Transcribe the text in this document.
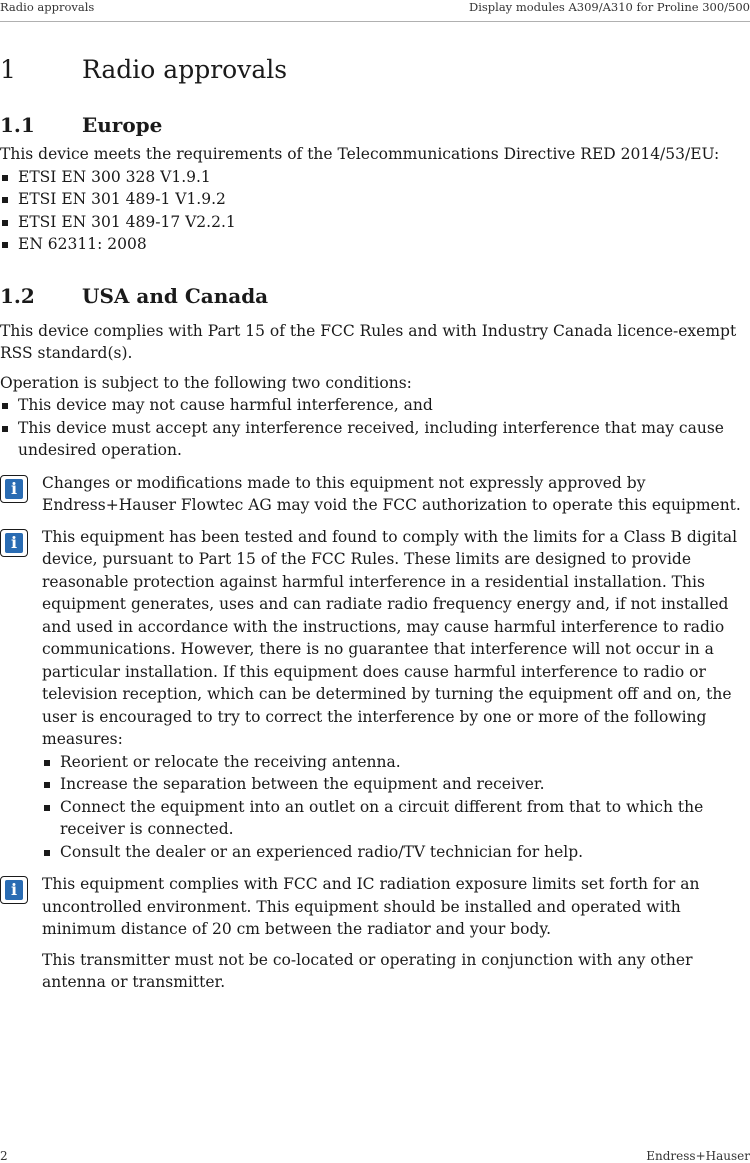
Radio approvals	Display modules A309/A310 for Proline 300/500
1	Radio approvals
1.1 Europe

This device meets the requirements of the Telecommunications Directive RED 2014/53/EU:

ETSI EN 300 328 V1.9.1
ETSI EN 301 489-1 V1.9.2
ETSI EN 301 489-17 V2.2.1
EN 62311: 2008
1.2 USA and Canada

This device complies with Part 15 of the FCC Rules and with Industry Canada licence-exempt RSS standard(s).

Operation is subject to the following two conditions:

This device may not cause harmful interference, and
This device must accept any interference received, including interference that may cause undesired operation.
i	Changes or modifications made to this equipment not expressly approved by Endress+Hauser Flowtec AG may void the FCC authorization to operate this equipment.

i	This equipment has been tested and found to comply with the limits for a Class B digital device, pursuant to Part 15 of the FCC Rules. These limits are designed to provide reasonable protection against harmful interference in a residential installation. This equipment generates, uses and can radiate radio frequency energy and, if not installed and used in accordance with the instructions, may cause harmful interference to radio communications. However, there is no guarantee that interference will not occur in a particular installation. If this equipment does cause harmful interference to radio or television reception, which can be determined by turning the equipment off and on, the user is encouraged to try to correct the interference by one or more of the following measures:

Reorient or relocate the receiving antenna.
Increase the separation between the equipment and receiver.
Connect the equipment into an outlet on a circuit different from that to which the receiver is connected.
Consult the dealer or an experienced radio/TV technician for help.
i	This equipment complies with FCC and IC radiation exposure limits set forth for an uncontrolled environment. This equipment should be installed and operated with minimum distance of 20 cm between the radiator and your body.

This transmitter must not be co-located or operating in conjunction with any other antenna or transmitter.

2	Endress+Hauser
